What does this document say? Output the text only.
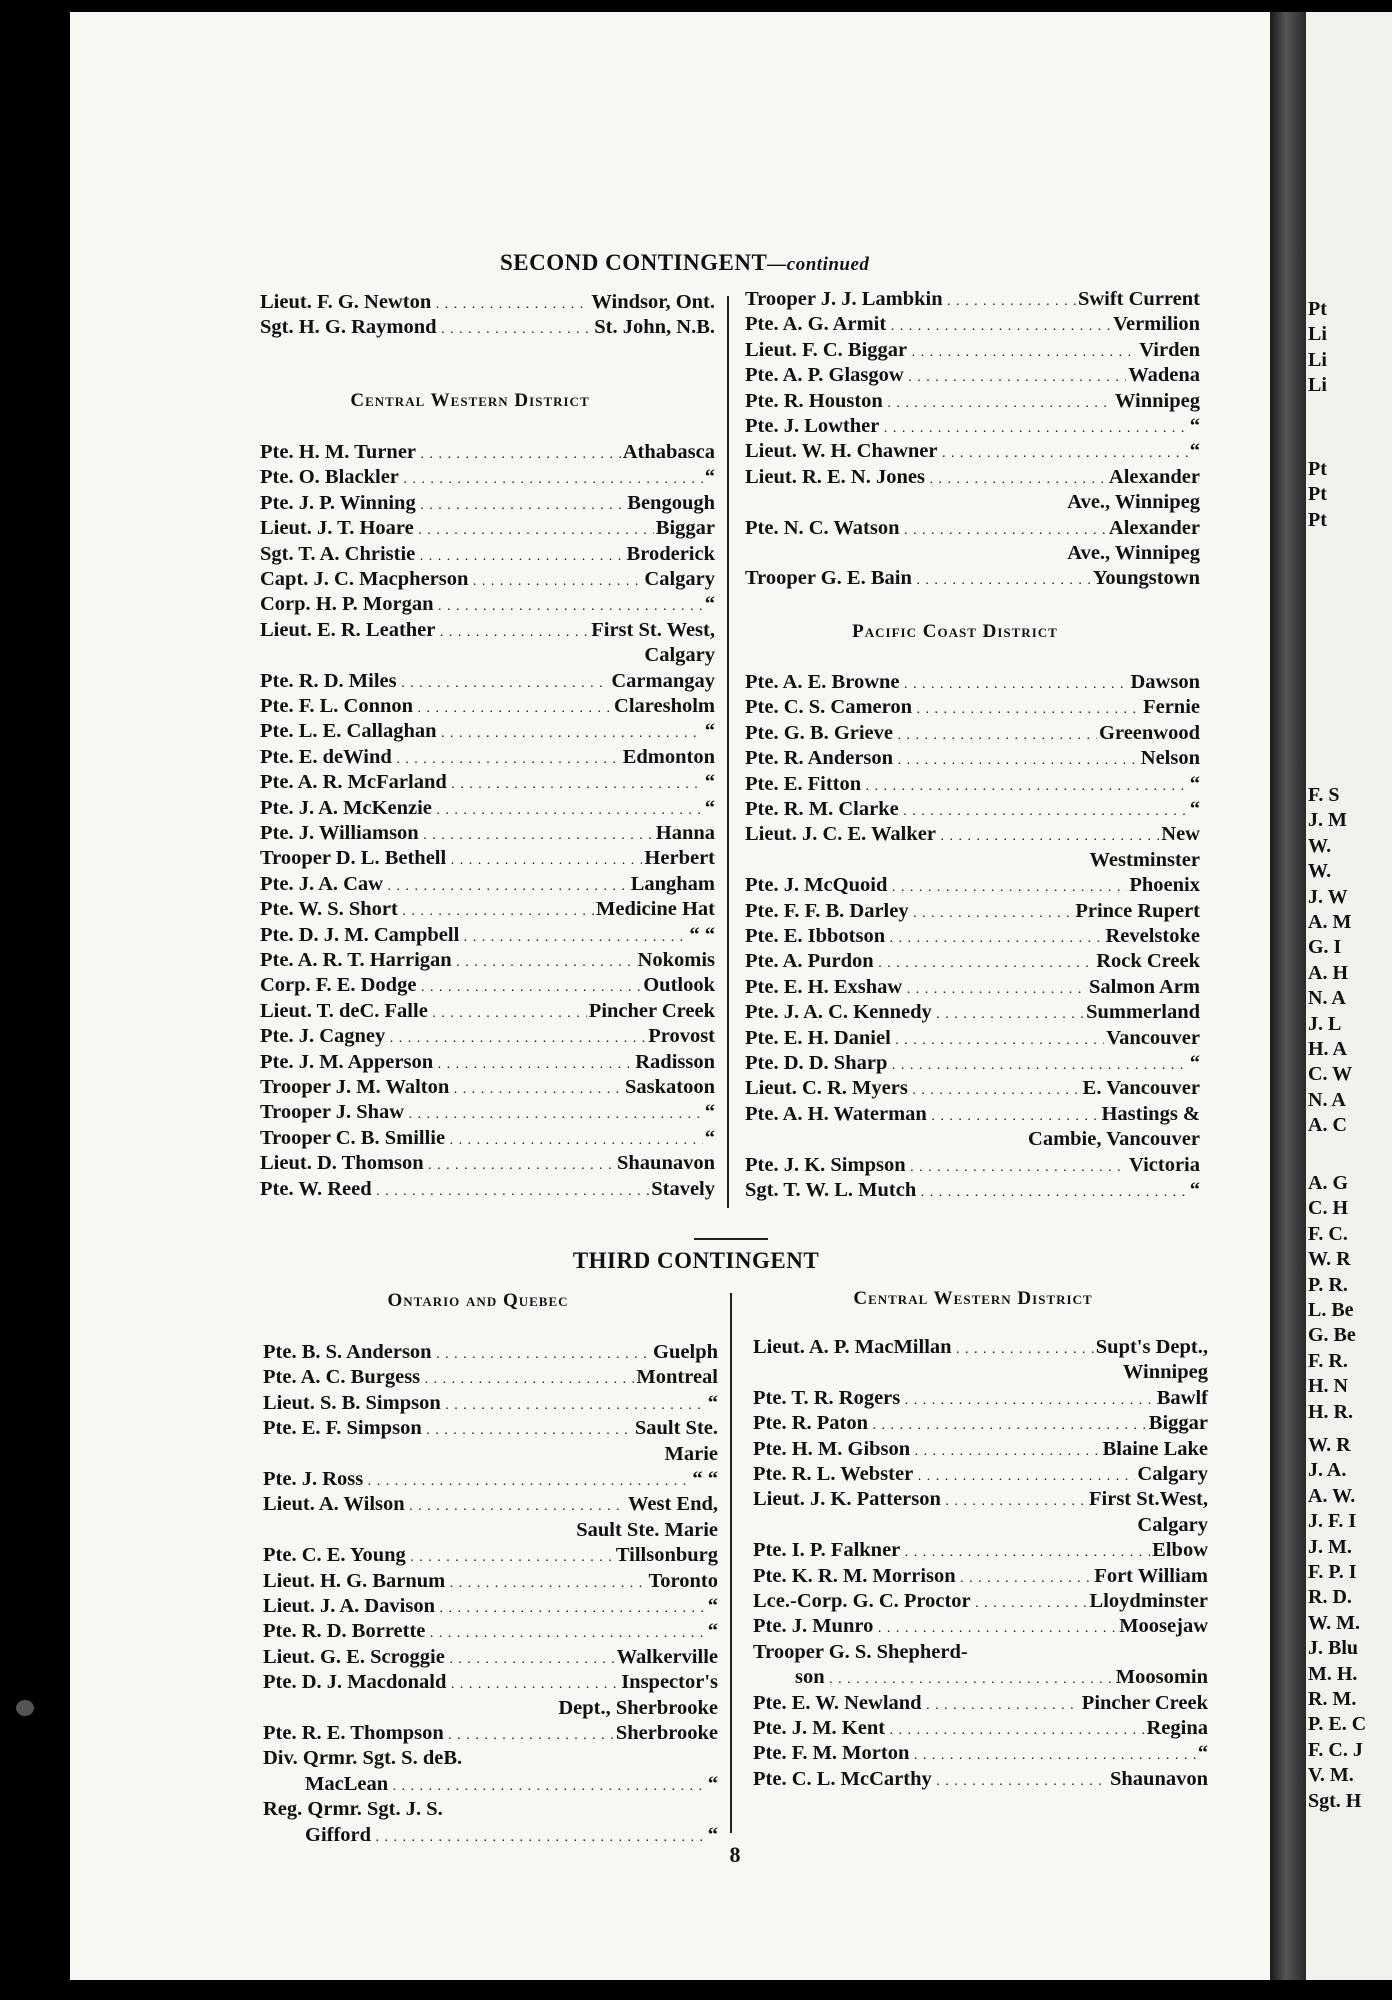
Pt
Li
Li
Li
Pt
Pt
Pt
F. S
J. M
W.
W.
J. W
A. M
G. I
A. H
N. A
J. L
H. A
C. W
N. A
A. C
A. G
C. H
F. C.
W. R
P. R.
L. Be
G. Be
F. R.
H. N
H. R.
W. R
J. A.
A. W.
J. F. I
J. M.
F. P. I
R. D.
W. M.
J. Blu
M. H.
R. M.
P. E. C
F. C. J
V. M.
Sgt. H
SECOND CONTINGENT—continued
Lieut. F. G. Newton . . .	Windsor, Ont.
Sgt. H. G. Raymond . . .	St. John, N.B.
Central Western District
Pte. H. M. Turner . . .	Athabasca
Pte. O. Blackler . . .	“
Pte. J. P. Winning . . .	Bengough
Lieut. J. T. Hoare . . .	Biggar
Sgt. T. A. Christie . . .	Broderick
Capt. J. C. Macpherson . . .	Calgary
Corp. H. P. Morgan . . .	“
Lieut. E. R. Leather . . .	First St. West,
Calgary
Pte. R. D. Miles . . .	Carmangay
Pte. F. L. Connon . . .	Claresholm
Pte. L. E. Callaghan . . .	“
Pte. E. deWind . . .	Edmonton
Pte. A. R. McFarland . . .	“
Pte. J. A. McKenzie . . .	“
Pte. J. Williamson . . .	Hanna
Trooper D. L. Bethell . . .	Herbert
Pte. J. A. Caw . . .	Langham
Pte. W. S. Short . . .	Medicine Hat
Pte. D. J. M. Campbell . . .	“ “
Pte. A. R. T. Harrigan . . .	Nokomis
Corp. F. E. Dodge . . .	Outlook
Lieut. T. deC. Falle . . .	Pincher Creek
Pte. J. Cagney . . .	Provost
Pte. J. M. Apperson . . .	Radisson
Trooper J. M. Walton . . .	Saskatoon
Trooper J. Shaw . . .	“
Trooper C. B. Smillie . . .	“
Lieut. D. Thomson . . .	Shaunavon
Pte. W. Reed . . .	Stavely
Trooper J. J. Lambkin . . .	Swift Current
Pte. A. G. Armit . . .	Vermilion
Lieut. F. C. Biggar . . .	Virden
Pte. A. P. Glasgow . . .	Wadena
Pte. R. Houston . . .	Winnipeg
Pte. J. Lowther . . .	“
Lieut. W. H. Chawner . . .	“
Lieut. R. E. N. Jones . . .	Alexander
Ave., Winnipeg
Pte. N. C. Watson . . .	Alexander
Ave., Winnipeg
Trooper G. E. Bain . . .	Youngstown
Pacific Coast District
Pte. A. E. Browne . . .	Dawson
Pte. C. S. Cameron . . .	Fernie
Pte. G. B. Grieve . . .	Greenwood
Pte. R. Anderson . . .	Nelson
Pte. E. Fitton . . .	“
Pte. R. M. Clarke . . .	“
Lieut. J. C. E. Walker . . .	New
Westminster
Pte. J. McQuoid . . .	Phoenix
Pte. F. F. B. Darley . . .	Prince Rupert
Pte. E. Ibbotson . . .	Revelstoke
Pte. A. Purdon . . .	Rock Creek
Pte. E. H. Exshaw . . .	Salmon Arm
Pte. J. A. C. Kennedy . . .	Summerland
Pte. E. H. Daniel . . .	Vancouver
Pte. D. D. Sharp . . .	“
Lieut. C. R. Myers . . .	E. Vancouver
Pte. A. H. Waterman . . .	Hastings &
Cambie, Vancouver
Pte. J. K. Simpson . . .	Victoria
Sgt. T. W. L. Mutch . . .	“
THIRD CONTINGENT
Ontario and Quebec
Pte. B. S. Anderson . . .	Guelph
Pte. A. C. Burgess . . .	Montreal
Lieut. S. B. Simpson . . .	“
Pte. E. F. Simpson . . .	Sault Ste.
Marie
Pte. J. Ross . . .	“ “
Lieut. A. Wilson . . .	West End,
Sault Ste. Marie
Pte. C. E. Young . . .	Tillsonburg
Lieut. H. G. Barnum . . .	Toronto
Lieut. J. A. Davison . . .	“
Pte. R. D. Borrette . . .	“
Lieut. G. E. Scroggie . . .	Walkerville
Pte. D. J. Macdonald . . .	Inspector's
Dept., Sherbrooke
Pte. R. E. Thompson . . .	Sherbrooke
Div. Qrmr. Sgt. S. deB.
MacLean . . .	“
Reg. Qrmr. Sgt. J. S.
Gifford . . .	“
Central Western District
Lieut. A. P. MacMillan . . .	Supt's Dept.,
Winnipeg
Pte. T. R. Rogers . . .	Bawlf
Pte. R. Paton . . .	Biggar
Pte. H. M. Gibson . . .	Blaine Lake
Pte. R. L. Webster . . .	Calgary
Lieut. J. K. Patterson . . .	First St.West,
Calgary
Pte. I. P. Falkner . . .	Elbow
Pte. K. R. M. Morrison . . .	Fort William
Lce.-Corp. G. C. Proctor . . .	Lloydminster
Pte. J. Munro . . .	Moosejaw
Trooper G. S. Shepherd-
son . . .	Moosomin
Pte. E. W. Newland . . .	Pincher Creek
Pte. J. M. Kent . . .	Regina
Pte. F. M. Morton . . .	“
Pte. C. L. McCarthy . . .	Shaunavon
8
